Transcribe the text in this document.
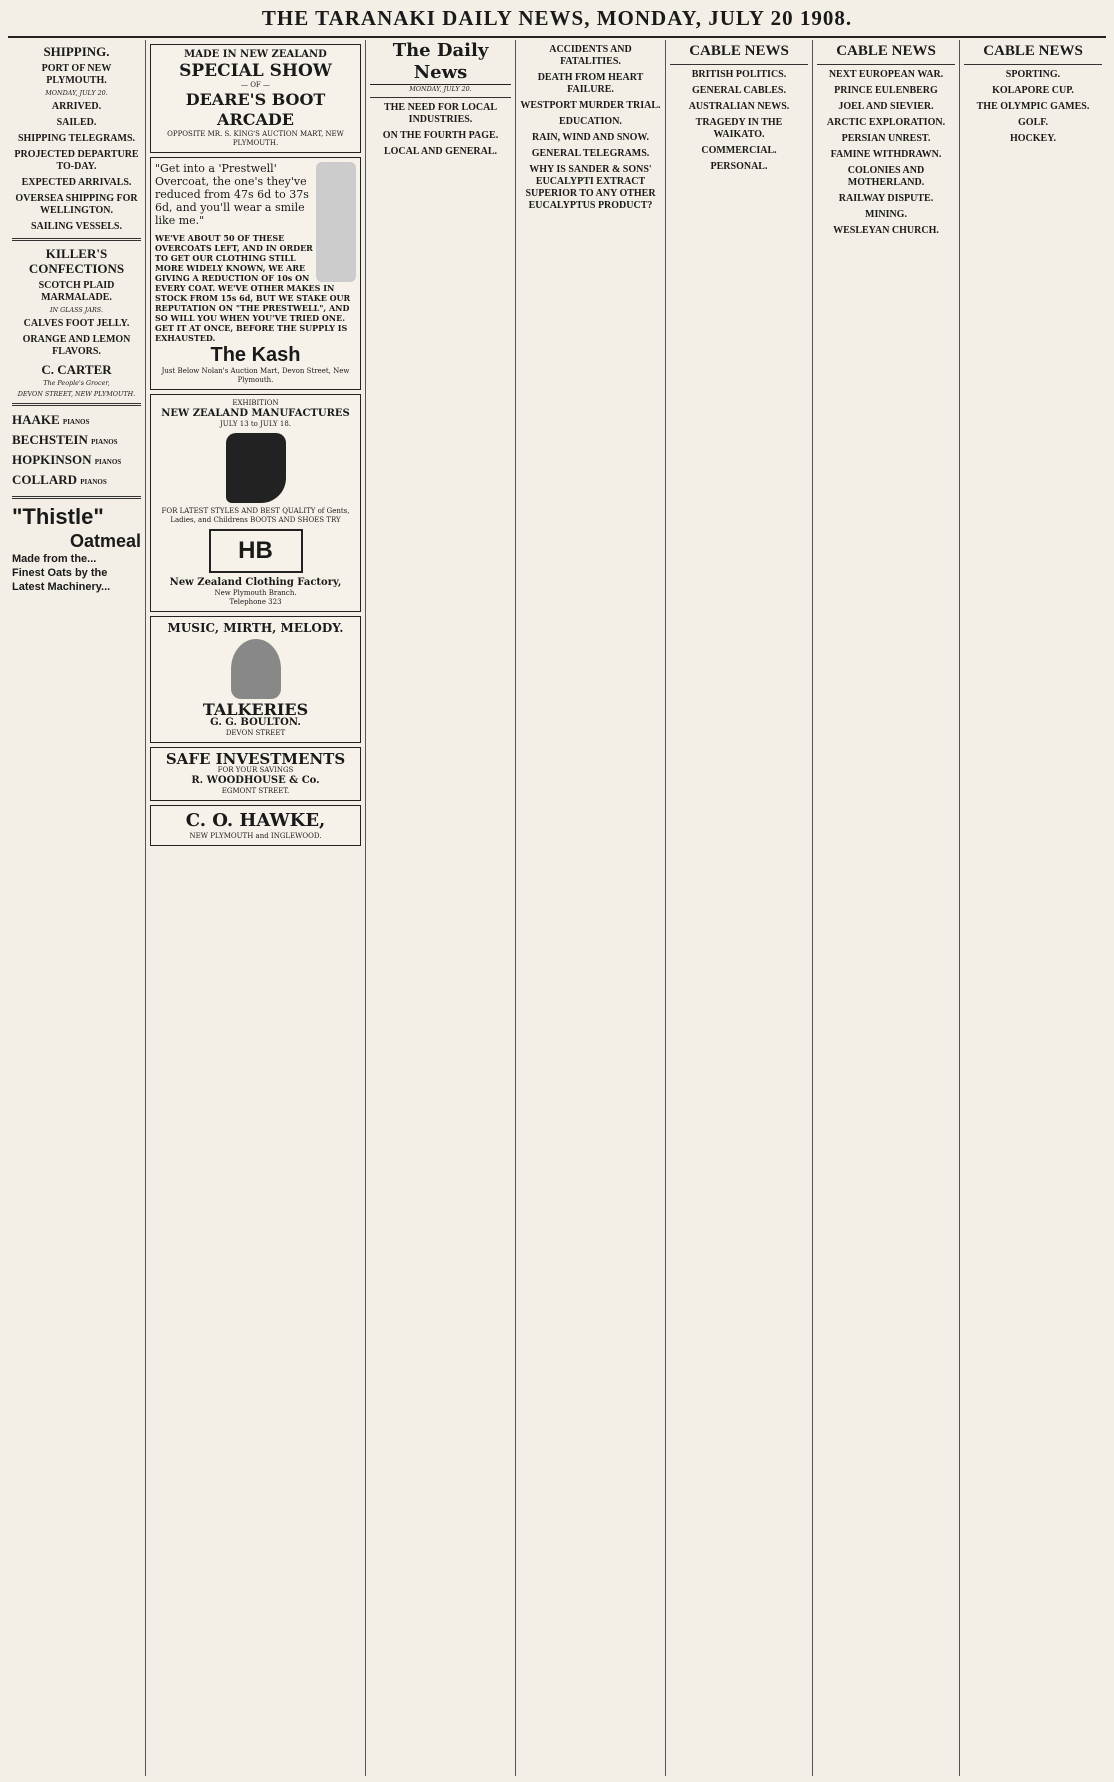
THE TARANAKI DAILY NEWS, MONDAY, JULY 20 1908.
SHIPPING.
PORT OF NEW PLYMOUTH.
MONDAY, JULY 20.
ARRIVED.
SAILED.
SHIPPING TELEGRAMS.
PROJECTED DEPARTURE TO-DAY.
EXPECTED ARRIVALS.
OVERSEA SHIPPING FOR WELLINGTON.
SAILING VESSELS.
KILLER'S CONFECTIONS
SCOTCH PLAID MARMALADE.
IN GLASS JARS.
CALVES FOOT JELLY.
ORANGE AND LEMON FLAVORS.
C. CARTER
The People's Grocer,
DEVON STREET, NEW PLYMOUTH.
HAAKE PIANOS
BECHSTEIN PIANOS
HOPKINSON PIANOS
COLLARD PIANOS
"Thistle"
Oatmeal
Made from the...
Finest Oats by the
Latest Machinery...
MADE IN NEW ZEALAND
SPECIAL SHOW
— OF —
DEARE'S BOOT ARCADE
OPPOSITE MR. S. KING'S AUCTION MART, NEW PLYMOUTH.
"Get into a 'Prestwell' Overcoat, the one's they've reduced from 47s 6d to 37s 6d, and you'll wear a smile like me."
WE'VE ABOUT 50 OF THESE OVERCOATS LEFT, AND IN ORDER TO GET OUR CLOTHING STILL MORE WIDELY KNOWN, WE ARE GIVING A REDUCTION OF 10s ON EVERY COAT. WE'VE OTHER MAKES IN STOCK FROM 15s 6d, BUT WE STAKE OUR REPUTATION ON "THE PRESTWELL", AND SO WILL YOU WHEN YOU'VE TRIED ONE. GET IT AT ONCE, BEFORE THE SUPPLY IS EXHAUSTED.
The Kash
Just Below Nolan's Auction Mart, Devon Street, New Plymouth.
EXHIBITION
NEW ZEALAND MANUFACTURES
JULY 13 to JULY 18.
FOR LATEST STYLES AND BEST QUALITY of Gents, Ladies, and Childrens BOOTS AND SHOES TRY
HB
New Zealand Clothing Factory,
New Plymouth Branch.
Telephone 323
MUSIC, MIRTH, MELODY.
TALKERIES
G. G. BOULTON.
DEVON STREET
SAFE INVESTMENTS
FOR YOUR SAVINGS
R. WOODHOUSE & Co.
EGMONT STREET.
C. O. HAWKE,
NEW PLYMOUTH and INGLEWOOD.
The Daily News
MONDAY, JULY 20.
THE NEED FOR LOCAL INDUSTRIES.
ON THE FOURTH PAGE.
LOCAL AND GENERAL.
ACCIDENTS AND FATALITIES.
DEATH FROM HEART FAILURE.
WESTPORT MURDER TRIAL.
EDUCATION.
RAIN, WIND AND SNOW.
GENERAL TELEGRAMS.
WHY IS SANDER & SONS' EUCALYPTI EXTRACT SUPERIOR TO ANY OTHER EUCALYPTUS PRODUCT?
CABLE NEWS
BRITISH POLITICS.
GENERAL CABLES.
AUSTRALIAN NEWS.
TRAGEDY IN THE WAIKATO.
COMMERCIAL.
PERSONAL.
CABLE NEWS
NEXT EUROPEAN WAR.
PRINCE EULENBERG
JOEL AND SIEVIER.
ARCTIC EXPLORATION.
PERSIAN UNREST.
FAMINE WITHDRAWN.
COLONIES AND MOTHERLAND.
RAILWAY DISPUTE.
MINING.
WESLEYAN CHURCH.
CABLE NEWS
SPORTING.
KOLAPORE CUP.
THE OLYMPIC GAMES.
GOLF.
HOCKEY.
